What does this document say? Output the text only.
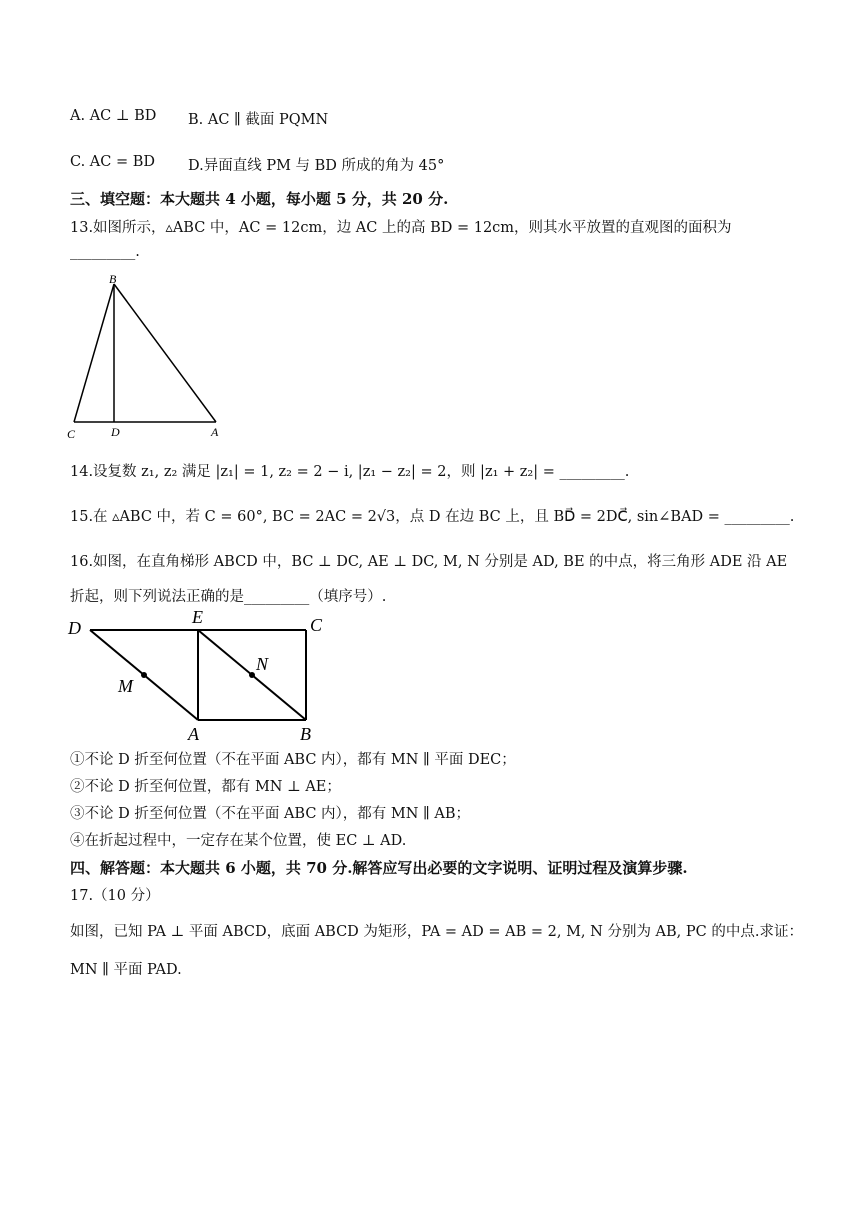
A. AC ⊥ BD B. AC ∥ 截面 PQMN
C. AC = BD D.异面直线 PM 与 BD 所成的角为 45°
三、填空题：本大题共 4 小题，每小题 5 分，共 20 分.
13.如图所示，▵ABC 中，AC = 12cm，边 AC 上的高 BD = 12cm，则其水平放置的直观图的面积为
_________.
B
C	D	A
14.设复数 z₁, z₂ 满足 |z₁| = 1, z₂ = 2 − i, |z₁ − z₂| = 2，则 |z₁ + z₂| = _________.
15.在 ▵ABC 中，若 C = 60°, BC = 2AC = 2√3，点 D 在边 BC 上，且 BD⃗ = 2DC⃗, sin∠BAD = _________.
16.如图，在直角梯形 ABCD 中，BC ⊥ DC, AE ⊥ DC, M, N 分别是 AD, BE 的中点，将三角形 ADE 沿 AE
折起，则下列说法正确的是_________（填序号）.
D
E	C
M
N
A	B
①不论 D 折至何位置（不在平面 ABC 内），都有 MN ∥ 平面 DEC；
②不论 D 折至何位置，都有 MN ⊥ AE；
③不论 D 折至何位置（不在平面 ABC 内），都有 MN ∥ AB；
④在折起过程中，一定存在某个位置，使 EC ⊥ AD.
四、解答题：本大题共 6 小题，共 70 分.解答应写出必要的文字说明、证明过程及演算步骤.
17.（10 分）
如图，已知 PA ⊥ 平面 ABCD，底面 ABCD 为矩形，PA = AD = AB = 2, M, N 分别为 AB, PC 的中点.求证：
MN ∥ 平面 PAD.
